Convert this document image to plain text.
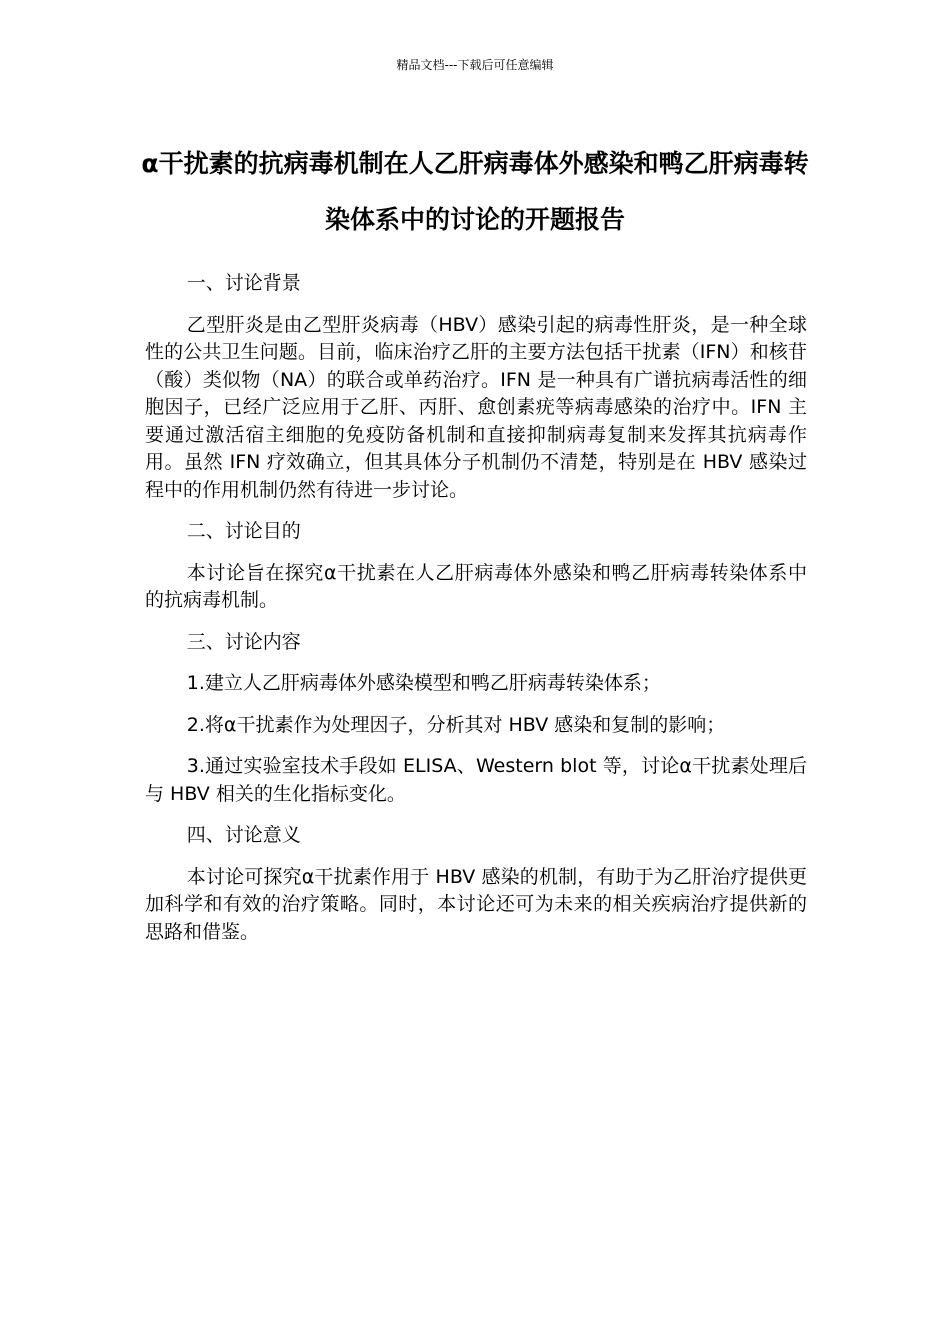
精品文档---下载后可任意编辑
α干扰素的抗病毒机制在人乙肝病毒体外感染和鸭乙肝病毒转染体系中的讨论的开题报告

一、讨论背景

乙型肝炎是由乙型肝炎病毒（HBV）感染引起的病毒性肝炎，是一种全球性的公共卫生问题。目前，临床治疗乙肝的主要方法包括干扰素（IFN）和核苷（酸）类似物（NA）的联合或单药治疗。IFN 是一种具有广谱抗病毒活性的细胞因子，已经广泛应用于乙肝、丙肝、愈创素疣等病毒感染的治疗中。IFN 主要通过激活宿主细胞的免疫防备机制和直接抑制病毒复制来发挥其抗病毒作用。虽然 IFN 疗效确立，但其具体分子机制仍不清楚，特别是在 HBV 感染过程中的作用机制仍然有待进一步讨论。

二、讨论目的

本讨论旨在探究α干扰素在人乙肝病毒体外感染和鸭乙肝病毒转染体系中的抗病毒机制。

三、讨论内容

1.建立人乙肝病毒体外感染模型和鸭乙肝病毒转染体系；

2.将α干扰素作为处理因子，分析其对 HBV 感染和复制的影响；

3.通过实验室技术手段如 ELISA、Western blot 等，讨论α干扰素处理后与 HBV 相关的生化指标变化。

四、讨论意义

本讨论可探究α干扰素作用于 HBV 感染的机制，有助于为乙肝治疗提供更加科学和有效的治疗策略。同时，本讨论还可为未来的相关疾病治疗提供新的思路和借鉴。
